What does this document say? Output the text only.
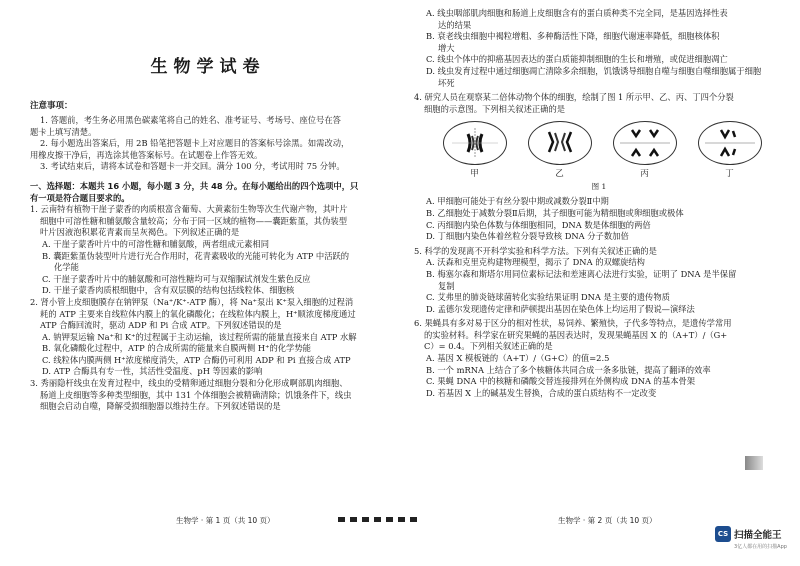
生物学试卷
注意事项：
1. 答题前，考生务必用黑色碳素笔将自己的姓名、准考证号、考场号、座位号在答
题卡上填写清楚。
2. 每小题选出答案后，用 2B 铅笔把答题卡上对应题目的答案标号涂黑。如需改动，
用橡皮擦干净后，再选涂其他答案标号。在试题卷上作答无效。
3. 考试结束后，请将本试卷和答题卡一并交回。满分 100 分，考试用时 75 分钟。
一、选择题：本题共 16 小题，每小题 3 分，共 48 分。在每小题给出的四个选项中，只
有一项是符合题目要求的。
1. 云南特有植物干崖子蒙香的肉质根富含葡萄、大黄素衍生物等次生代谢产物，其叶片
细胞中可溶性糖和脯氨酸含量较高；分布于同一区域的植物——囊距紫堇，其伪装型
叶片因液泡积累花青素而呈灰褐色。下列叙述正确的是
A. 干崖子蒙香叶片中的可溶性糖和脯氨酸，两者组成元素相同
B. 囊距紫堇伪装型叶片进行光合作用时，花青素吸收的光能可转化为 ATP 中活跃的
化学能
C. 干崖子蒙香叶片中的脯氨酸和可溶性糖均可与双缩脲试剂发生紫色反应
D. 干崖子蒙香肉质根细胞中，含有双层膜的结构包括线粒体、细胞核
2. 肾小管上皮细胞膜存在钠钾泵（Na⁺/K⁺-ATP 酶），将 Na⁺泵出 K⁺泵入细胞的过程消
耗的 ATP 主要来自线粒体内膜上的氧化磷酸化；在线粒体内膜上，H⁺顺浓度梯度通过
ATP 合酶回流时，驱动 ADP 和 Pi 合成 ATP。下列叙述错误的是
A. 钠钾泵运输 Na⁺和 K⁺的过程属于主动运输，该过程所需的能量直接来自 ATP 水解
B. 氧化磷酸化过程中，ATP 的合成所需的能量来自膜两侧 H⁺的化学势能
C. 线粒体内膜两侧 H⁺浓度梯度消失，ATP 合酶仍可利用 ADP 和 Pi 直接合成 ATP
D. ATP 合酶具有专一性，其活性受温度、pH 等因素的影响
3. 秀丽隐杆线虫在发育过程中，线虫的受精卵通过细胞分裂和分化形成啊部肌肉细胞、
肠道上皮细胞等多种类型细胞，其中 131 个体细胞会被精确清除；饥饿条件下，线虫
细胞会启动自噬，降解受损细胞器以维持生存。下列叙述错误的是
生物学 · 第 1 页（共 10 页）
A. 线虫咽部肌肉细胞和肠道上皮细胞含有的蛋白质种类不完全同，是基因选择性表
达的结果
B. 衰老线虫细胞中褐粒增粗、多种酶活性下降，细胞代谢速率降低，细胞核体积
增大
C. 线虫个体中的抑癌基因表达的蛋白质能抑制细胞的生长和增殖，或促进细胞凋亡
D. 线虫发育过程中通过细胞凋亡清除多余细胞，饥饿诱导细胞自噬与细胞自噬细胞属于细胞
坏死
4. 研究人员在观察某二倍体动物个体的细胞，绘制了图 1 所示甲、乙、丙、丁四个分裂
细胞的示意图。下列相关叙述正确的是
甲	乙	丙	丁
图 1
A. 甲细胞可能处于有丝分裂中期或减数分裂Ⅱ中期
B. 乙细胞处于减数分裂Ⅱ后期，其子细胞可能为精细胞或卵细胞或极体
C. 丙细胞内染色体数与体细胞相同，DNA 数是体细胞的两倍
D. 丁细胞内染色体着丝粒分裂导致核 DNA 分子数加倍
5. 科学的发现离不开科学实验和科学方法。下列有关叙述正确的是
A. 沃森和克里克构建物理模型，揭示了 DNA 的双螺旋结构
B. 梅塞尔森和斯塔尔用同位素标记法和差速离心法进行实验，证明了 DNA 是半保留
复制
C. 艾弗里的肺炎链球菌转化实验结果证明 DNA 是主要的遗传物质
D. 孟德尔发现遗传定律和萨顿提出基因在染色体上均运用了假说—演绎法
6. 果蝇具有多对易于区分的相对性状，易饲养、繁殖快，子代多等特点，是遗传学常用
的实验材料。科学家在研究果蝇的基因表达时，发现果蝇基因 X 的（A+T）/（G+
C）= 0.4。下列相关叙述正确的是
A. 基因 X 模板链的（A+T）/（G+C）的值=2.5
B. 一个 mRNA 上结合了多个核糖体共同合成一条多肽链，提高了翻译的效率
C. 果蝇 DNA 中的核糖和磷酸交替连接排列在外侧构成 DNA 的基本骨架
D. 若基因 X 上的碱基发生替换，合成的蛋白质结构不一定改变
生物学 · 第 2 页（共 10 页）
CS 扫描全能王
3亿人都在用的扫描App
